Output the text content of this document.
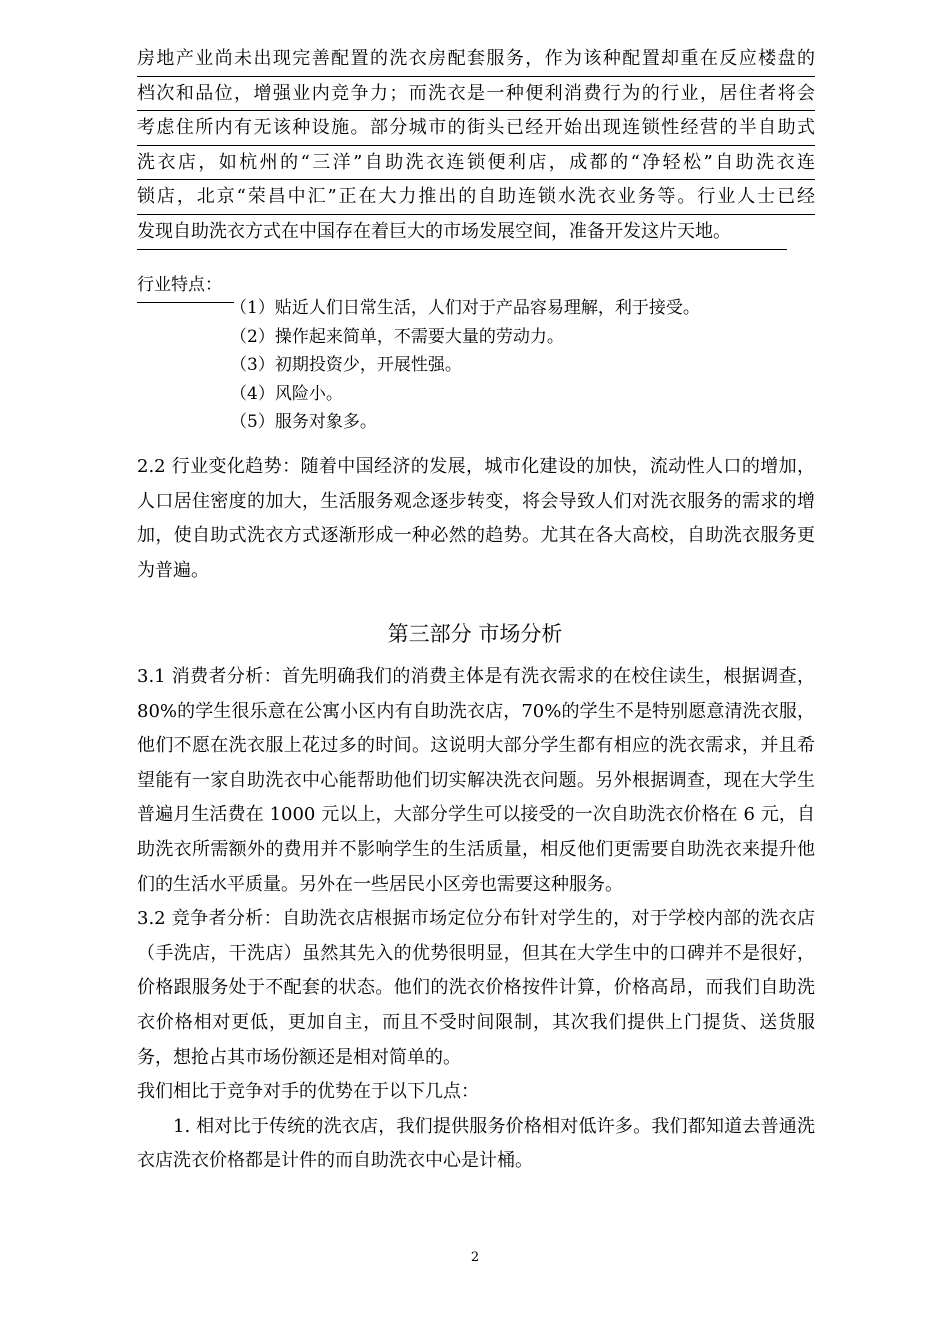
房地产业尚未出现完善配置的洗衣房配套服务，作为该种配置却重在反应楼盘的
档次和品位，增强业内竞争力；而洗衣是一种便利消费行为的行业，居住者将会
考虑住所内有无该种设施。部分城市的街头已经开始出现连锁性经营的半自助式
洗衣店，如杭州的“三洋”自助洗衣连锁便利店，成都的“净轻松”自助洗衣连
锁店，北京“荣昌中汇”正在大力推出的自助连锁水洗衣业务等。行业人士已经
发现自助洗衣方式在中国存在着巨大的市场发展空间，准备开发这片天地。
行业特点：
（1）贴近人们日常生活，人们对于产品容易理解，利于接受。
（2）操作起来简单，不需要大量的劳动力。
（3）初期投资少，开展性强。
（4）风险小。
（5）服务对象多。

2.2 行业变化趋势：随着中国经济的发展，城市化建设的加快，流动性人口的增加，人口居住密度的加大，生活服务观念逐步转变，将会导致人们对洗衣服务的需求的增加，使自助式洗衣方式逐渐形成一种必然的趋势。尤其在各大高校，自助洗衣服务更为普遍。

第三部分 市场分析

3.1 消费者分析：首先明确我们的消费主体是有洗衣需求的在校住读生，根据调查，80%的学生很乐意在公寓小区内有自助洗衣店，70%的学生不是特别愿意清洗衣服，他们不愿在洗衣服上花过多的时间。这说明大部分学生都有相应的洗衣需求，并且希望能有一家自助洗衣中心能帮助他们切实解决洗衣问题。另外根据调查，现在大学生普遍月生活费在 1000 元以上，大部分学生可以接受的一次自助洗衣价格在 6 元，自助洗衣所需额外的费用并不影响学生的生活质量，相反他们更需要自助洗衣来提升他们的生活水平质量。另外在一些居民小区旁也需要这种服务。

3.2 竞争者分析：自助洗衣店根据市场定位分布针对学生的，对于学校内部的洗衣店（手洗店，干洗店）虽然其先入的优势很明显，但其在大学生中的口碑并不是很好，价格跟服务处于不配套的状态。他们的洗衣价格按件计算，价格高昂，而我们自助洗衣价格相对更低，更加自主，而且不受时间限制，其次我们提供上门提货、送货服务，想抢占其市场份额还是相对简单的。

我们相比于竞争对手的优势在于以下几点：

1. 相对比于传统的洗衣店，我们提供服务价格相对低许多。我们都知道去普通洗衣店洗衣价格都是计件的而自助洗衣中心是计桶。

2
